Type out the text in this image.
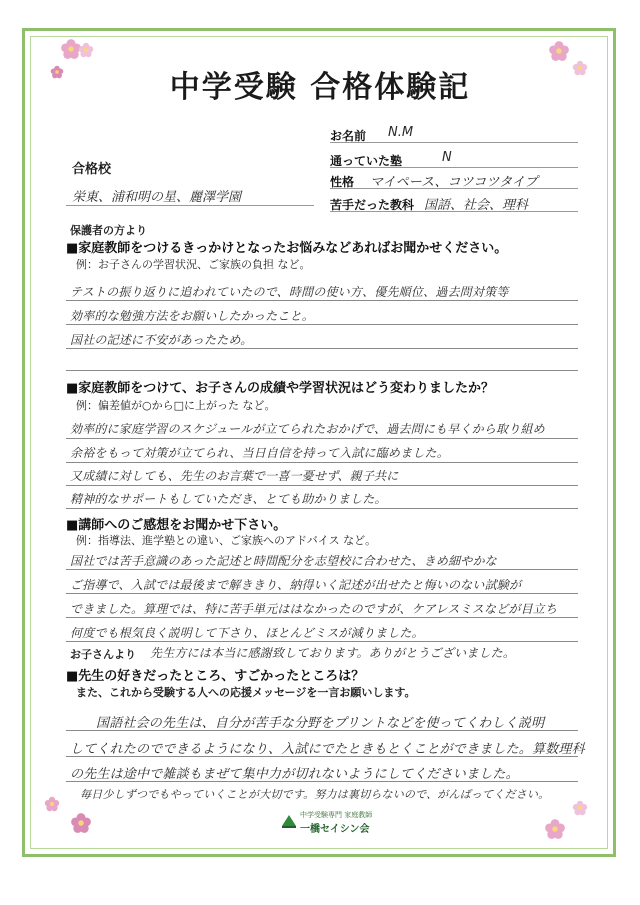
中学受験 合格体験記
お名前 N.M
通っていた塾	N
性格 マイペース、コツコツタイプ
苦手だった教科 国語、社会、理科
合格校
栄東、浦和明の星、麗澤学園
保護者の方より
■家庭教師をつけるきっかけとなったお悩みなどあればお聞かせください。
例：お子さんの学習状況、ご家族の負担 など。
テストの振り返りに追われていたので、時間の使い方、優先順位、過去問対策等
効率的な勉強方法をお願いしたかったこと。
国社の記述に不安があったため。
■家庭教師をつけて、お子さんの成績や学習状況はどう変わりましたか？
例：偏差値が○から□に上がった など。
効率的に家庭学習のスケジュールが立てられたおかげで、過去問にも早くから取り組め
余裕をもって対策が立てられ、当日自信を持って入試に臨めました。
又成績に対しても、先生のお言葉で一喜一憂せず、親子共に
精神的なサポートもしていただき、とても助かりました。
■講師へのご感想をお聞かせ下さい。
例：指導法、進学塾との違い、ご家族へのアドバイス など。
国社では苦手意識のあった記述と時間配分を志望校に合わせた、きめ細やかな
ご指導で、入試では最後まで解ききり、納得いく記述が出せたと悔いのない試験が
できました。算理では、特に苦手単元ははなかったのですが、ケアレスミスなどが目立ち
何度でも根気良く説明して下さり、ほとんどミスが減りました。
お子さんより 先生方には本当に感謝致しております。ありがとうございました。
■先生の好きだったところ、すごかったところは？
また、これから受験する人への応援メッセージを一言お願いします。
国語社会の先生は、自分が苦手な分野をプリントなどを使ってくわしく説明
してくれたのでできるようになり、入試にでたときもとくことができました。算数理科
の先生は途中で雑談もまぜて集中力が切れないようにしてくださいました。
毎日少しずつでもやっていくことが大切です。努力は裏切らないので、がんばってください。
中学受験専門 家庭教師
一橋セイシン会
